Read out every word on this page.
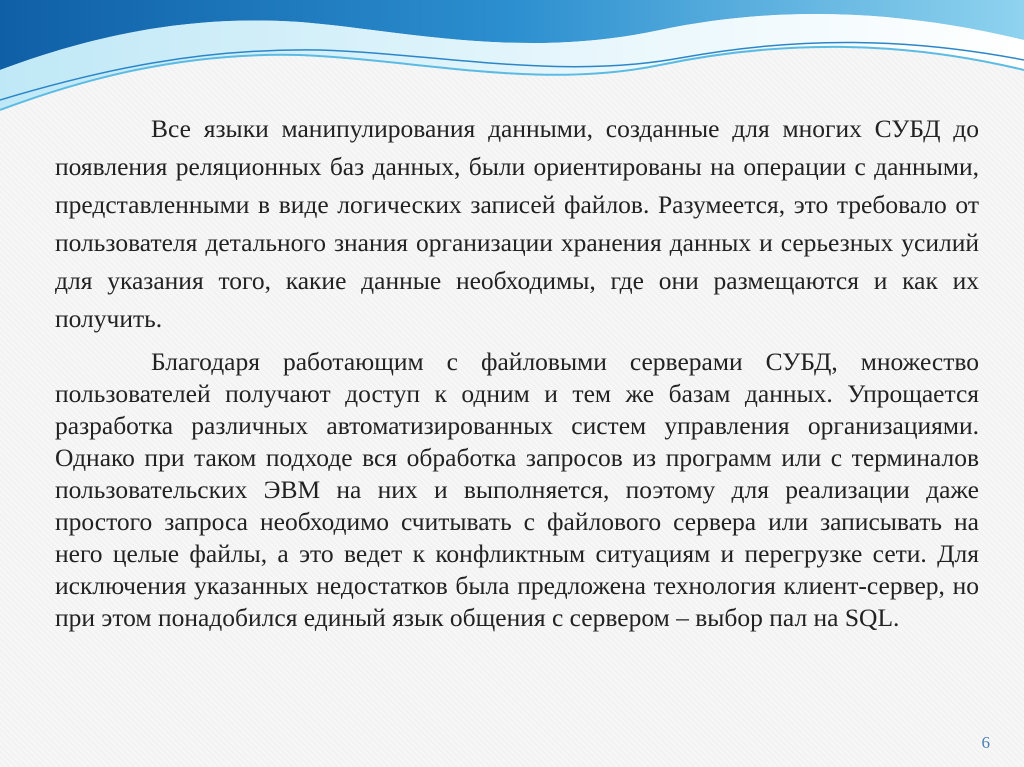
Все языки манипулирования данными, созданные для многих СУБД до появления реляционных баз данных, были ориентированы на операции с данными, представленными в виде логических записей файлов. Разумеется, это требовало от пользователя детального знания организации хранения данных и серьезных усилий для указания того, какие данные необходимы, где они размещаются и как их получить.

Благодаря работающим с файловыми серверами СУБД, множество пользователей получают доступ к одним и тем же базам данных. Упрощается разработка различных автоматизированных систем управления организациями. Однако при таком подходе вся обработка запросов из программ или с терминалов пользовательских ЭВМ на них и выполняется, поэтому для реализации даже простого запроса необходимо считывать с файлового сервера или записывать на него целые файлы, а это ведет к конфликтным ситуациям и перегрузке сети. Для исключения указанных недостатков была предложена технология клиент-сервер, но при этом понадобился единый язык общения с сервером – выбор пал на SQL.

6
